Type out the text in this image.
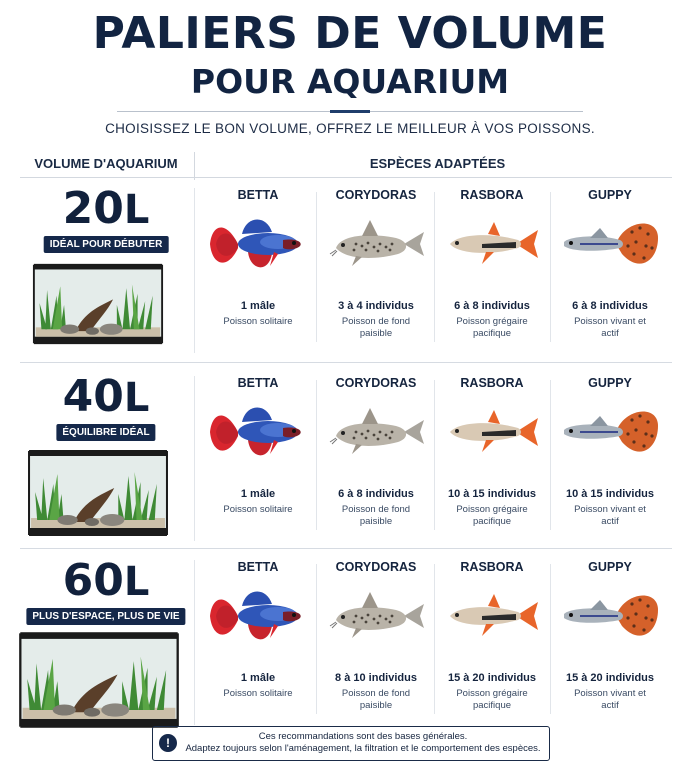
PALIERS DE VOLUME
POUR AQUARIUM
CHOISISSEZ LE BON VOLUME, OFFREZ LE MEILLEUR À VOS POISSONS.
VOLUME D'AQUARIUM	ESPÈCES ADAPTÉES
20L
IDÉAL POUR DÉBUTER
BETTA
1 mâle
Poisson solitaire
CORYDORAS
3 à 4 individus
Poisson de fond paisible
RASBORA
6 à 8 individus
Poisson grégaire pacifique
GUPPY
6 à 8 individus
Poisson vivant et actif
40L
ÉQUILIBRE IDÉAL
BETTA
1 mâle
Poisson solitaire
CORYDORAS
6 à 8 individus
Poisson de fond paisible
RASBORA
10 à 15 individus
Poisson grégaire pacifique
GUPPY
10 à 15 individus
Poisson vivant et actif
60L
PLUS D'ESPACE, PLUS DE VIE
BETTA
1 mâle
Poisson solitaire
CORYDORAS
8 à 10 individus
Poisson de fond paisible
RASBORA
15 à 20 individus
Poisson grégaire pacifique
GUPPY
15 à 20 individus
Poisson vivant et actif
!	Ces recommandations sont des bases générales.
Adaptez toujours selon l'aménagement, la filtration et le comportement des espèces.
